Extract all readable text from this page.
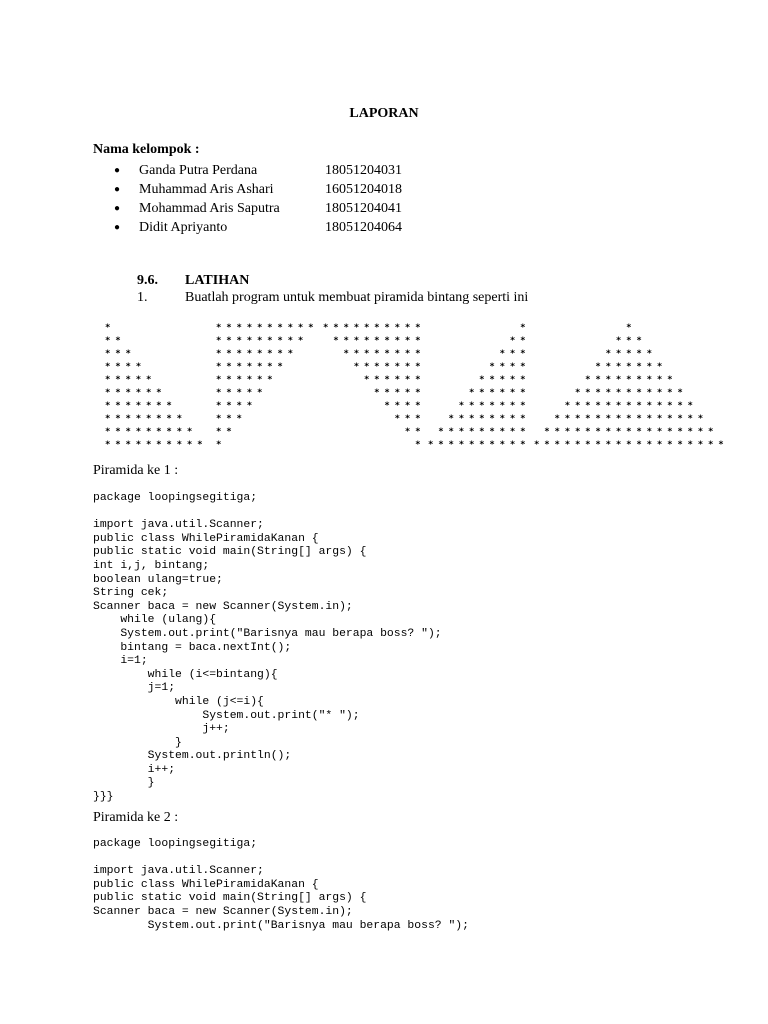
LAPORAN
Nama kelompok :
●	Ganda Putra Perdana	18051204031
●	Muhammad Aris Ashari	16051204018
●	Mohammad Aris Saputra	18051204041
●	Didit Apriyanto	18051204064
9.6.	LATIHAN
1.	Buatlah program untuk membuat piramida bintang seperti ini
*
* *
* * *
* * * *
* * * * *
* * * * * *
* * * * * * *
* * * * * * * *
* * * * * * * * *
* * * * * * * * * *
* * * * * * * * * *
* * * * * * * * *
* * * * * * * *
* * * * * * *
* * * * * *
* * * * *
* * * *
* * *
* *
*
* * * * * * * * * *
* * * * * * * * *
* * * * * * * *
* * * * * * *
* * * * * *
* * * * *
* * * *
* * *
* *
*
*
* *
* * *
* * * *
* * * * *
* * * * * *
* * * * * * *
* * * * * * * *
* * * * * * * * *
* * * * * * * * * *
*
* * *
* * * * *
* * * * * * *
* * * * * * * * *
* * * * * * * * * * *
* * * * * * * * * * * * *
* * * * * * * * * * * * * * *
* * * * * * * * * * * * * * * * *
* * * * * * * * * * * * * * * * * * *
Piramida ke 1 :
package loopingsegitiga;

import java.util.Scanner;
public class WhilePiramidaKanan {
public static void main(String[] args) {
int i,j, bintang;
boolean ulang=true;
String cek;
Scanner baca = new Scanner(System.in);
while (ulang){
System.out.print("Barisnya mau berapa boss? ");
bintang = baca.nextInt();
i=1;
while (i<=bintang){
j=1;
while (j<=i){
System.out.print("* ");
j++;
}
System.out.println();
i++;
}
}}}
Piramida ke 2 :
package loopingsegitiga;

import java.util.Scanner;
public class WhilePiramidaKanan {
public static void main(String[] args) {
Scanner baca = new Scanner(System.in);
System.out.print("Barisnya mau berapa boss? ");
